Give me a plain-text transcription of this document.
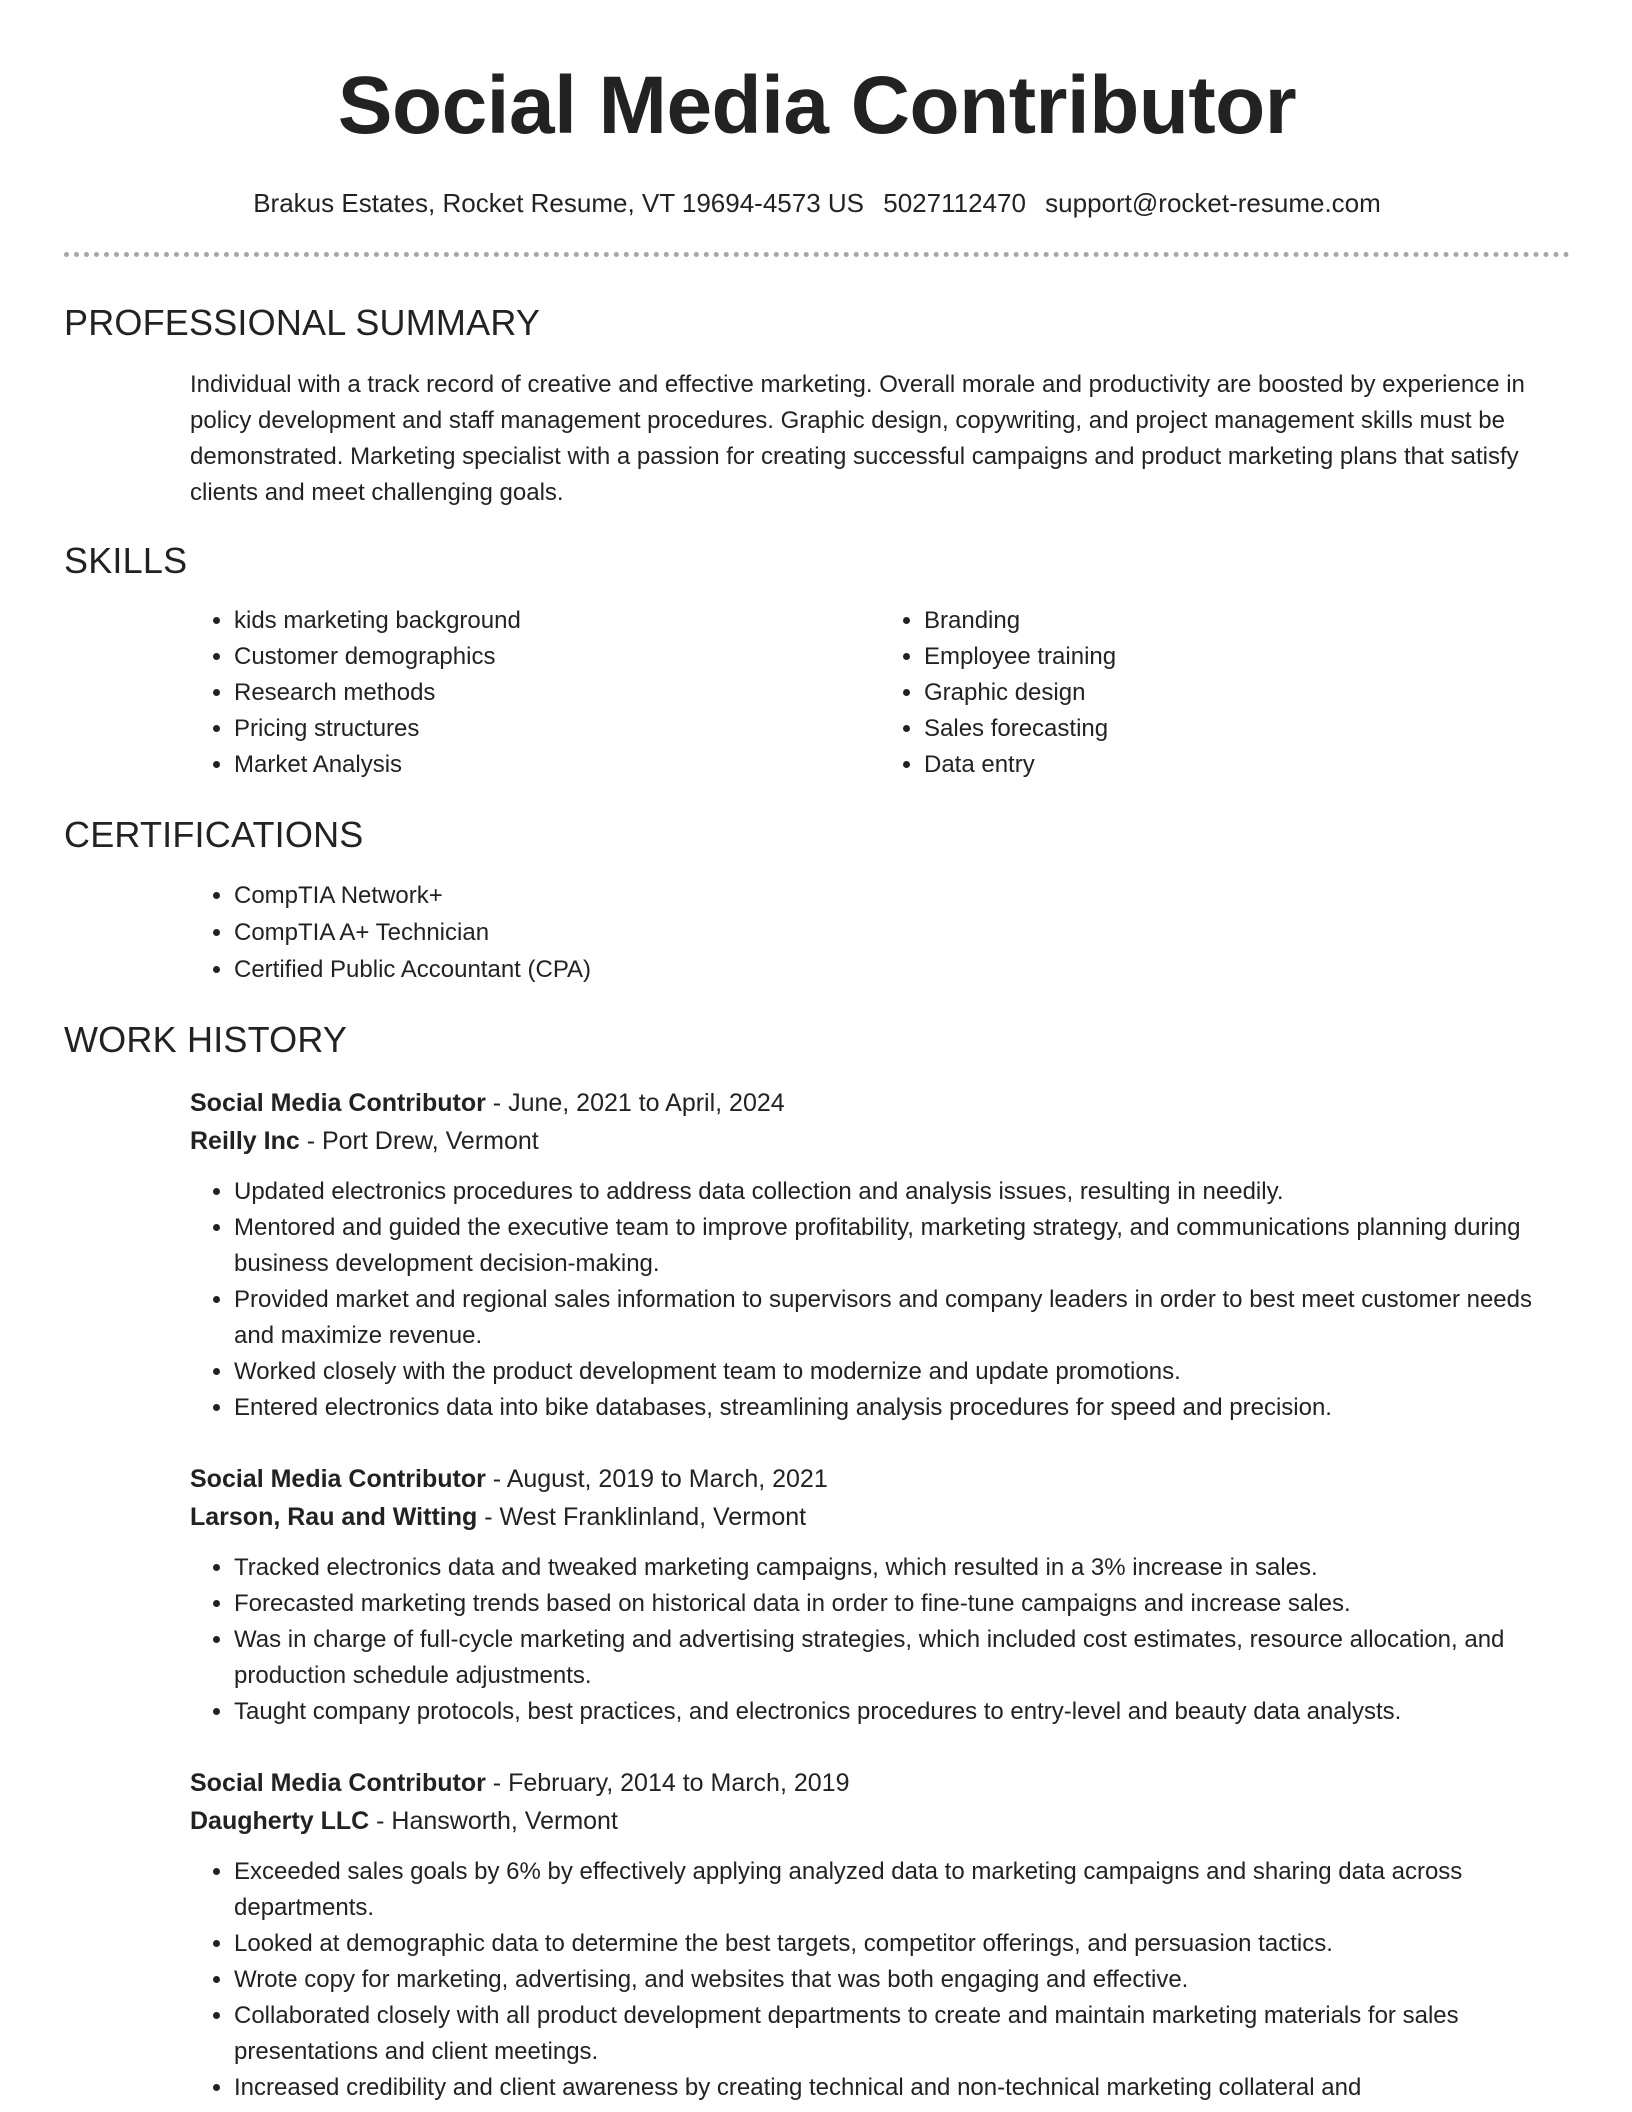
Social Media Contributor
Brakus Estates, Rocket Resume, VT 19694-4573 US 5027112470 support@rocket-resume.com
PROFESSIONAL SUMMARY
Individual with a track record of creative and effective marketing. Overall morale and productivity are boosted by experience in policy development and staff management procedures. Graphic design, copywriting, and project management skills must be demonstrated. Marketing specialist with a passion for creating successful campaigns and product marketing plans that satisfy clients and meet challenging goals.
SKILLS
• kids marketing background
• Customer demographics
• Research methods
• Pricing structures
• Market Analysis
• Branding
• Employee training
• Graphic design
• Sales forecasting
• Data entry
CERTIFICATIONS
• CompTIA Network+
• CompTIA A+ Technician
• Certified Public Accountant (CPA)
WORK HISTORY
Social Media Contributor - June, 2021 to April, 2024
Reilly Inc - Port Drew, Vermont
• Updated electronics procedures to address data collection and analysis issues, resulting in needily.
• Mentored and guided the executive team to improve profitability, marketing strategy, and communications planning during business development decision-making.
• Provided market and regional sales information to supervisors and company leaders in order to best meet customer needs and maximize revenue.
• Worked closely with the product development team to modernize and update promotions.
• Entered electronics data into bike databases, streamlining analysis procedures for speed and precision.
Social Media Contributor - August, 2019 to March, 2021
Larson, Rau and Witting - West Franklinland, Vermont
• Tracked electronics data and tweaked marketing campaigns, which resulted in a 3% increase in sales.
• Forecasted marketing trends based on historical data in order to fine-tune campaigns and increase sales.
• Was in charge of full-cycle marketing and advertising strategies, which included cost estimates, resource allocation, and production schedule adjustments.
• Taught company protocols, best practices, and electronics procedures to entry-level and beauty data analysts.
Social Media Contributor - February, 2014 to March, 2019
Daugherty LLC - Hansworth, Vermont
• Exceeded sales goals by 6% by effectively applying analyzed data to marketing campaigns and sharing data across departments.
• Looked at demographic data to determine the best targets, competitor offerings, and persuasion tactics.
• Wrote copy for marketing, advertising, and websites that was both engaging and effective.
• Collaborated closely with all product development departments to create and maintain marketing materials for sales presentations and client meetings.
• Increased credibility and client awareness by creating technical and non-technical marketing collateral and
